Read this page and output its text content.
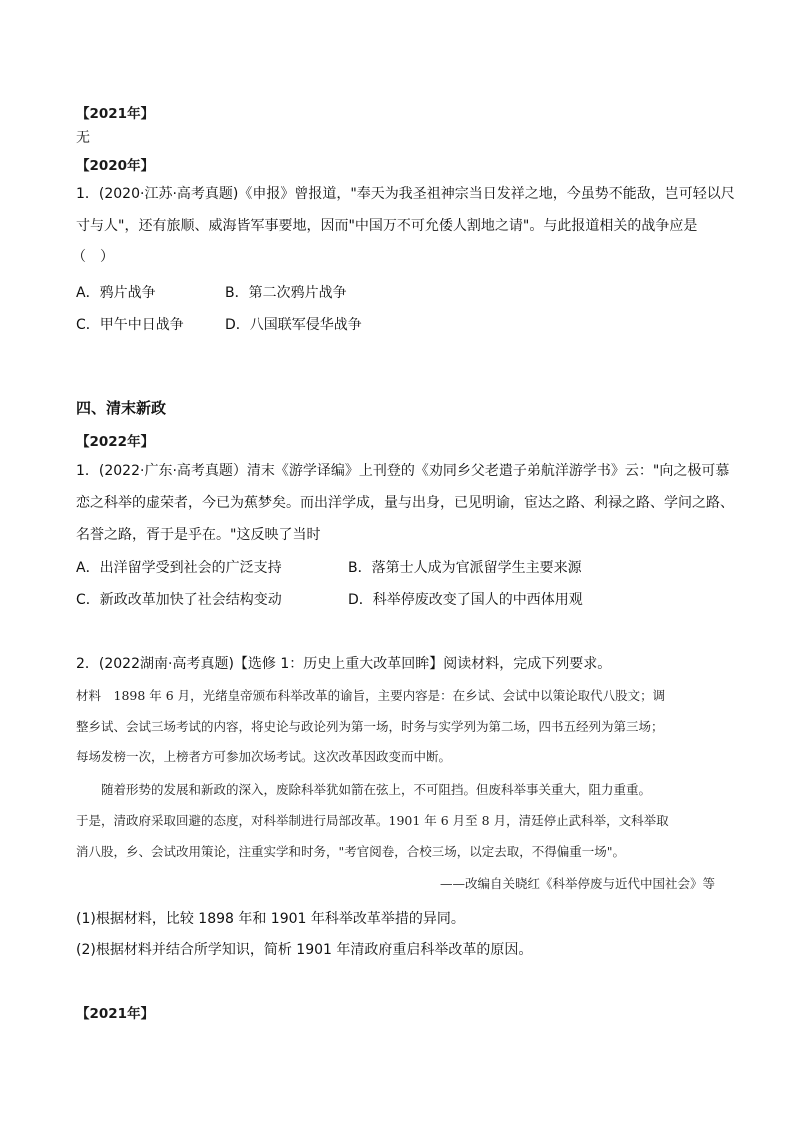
【2021年】
无
【2020年】
1．(2020·江苏·高考真题)《申报》曾报道，"奉天为我圣祖神宗当日发祥之地，今虽势不能敌，岂可轻以尺
寸与人"，还有旅顺、威海皆军事要地，因而"中国万不可允倭人割地之请"。与此报道相关的战争应是
（　）
A．鸦片战争	B．第二次鸦片战争
C．甲午中日战争	D．八国联军侵华战争
四、清末新政
【2022年】
1．(2022·广东·高考真题）清末《游学译编》上刊登的《劝同乡父老遣子弟航洋游学书》云："向之极可慕
恋之科举的虚荣者，今已为蕉梦矣。而出洋学成，量与出身，已见明谕，宦达之路、利禄之路、学问之路、
名誉之路，胥于是乎在。"这反映了当时
A．出洋留学受到社会的广泛支持	B．落第士人成为官派留学生主要来源
C．新政改革加快了社会结构变动	D．科举停废改变了国人的中西体用观
2．(2022湖南·高考真题)【选修 1：历史上重大改革回眸】阅读材料，完成下列要求。
材料　1898 年 6 月，光绪皇帝颁布科举改革的谕旨，主要内容是：在乡试、会试中以策论取代八股文；调
整乡试、会试三场考试的内容，将史论与政论列为第一场，时务与实学列为第二场，四书五经列为第三场；
每场发榜一次，上榜者方可参加次场考试。这次改革因政变而中断。
　　随着形势的发展和新政的深入，废除科举犹如箭在弦上，不可阻挡。但废科举事关重大，阻力重重。
于是，清政府采取回避的态度，对科举制进行局部改革。1901 年 6 月至 8 月，清廷停止武科举，文科举取
消八股，乡、会试改用策论，注重实学和时务，"考官阅卷，合校三场，以定去取，不得偏重一场"。
——改编自关晓红《科举停废与近代中国社会》等
(1)根据材料，比较 1898 年和 1901 年科举改革举措的异同。
(2)根据材料并结合所学知识，简析 1901 年清政府重启科举改革的原因。
【2021年】
